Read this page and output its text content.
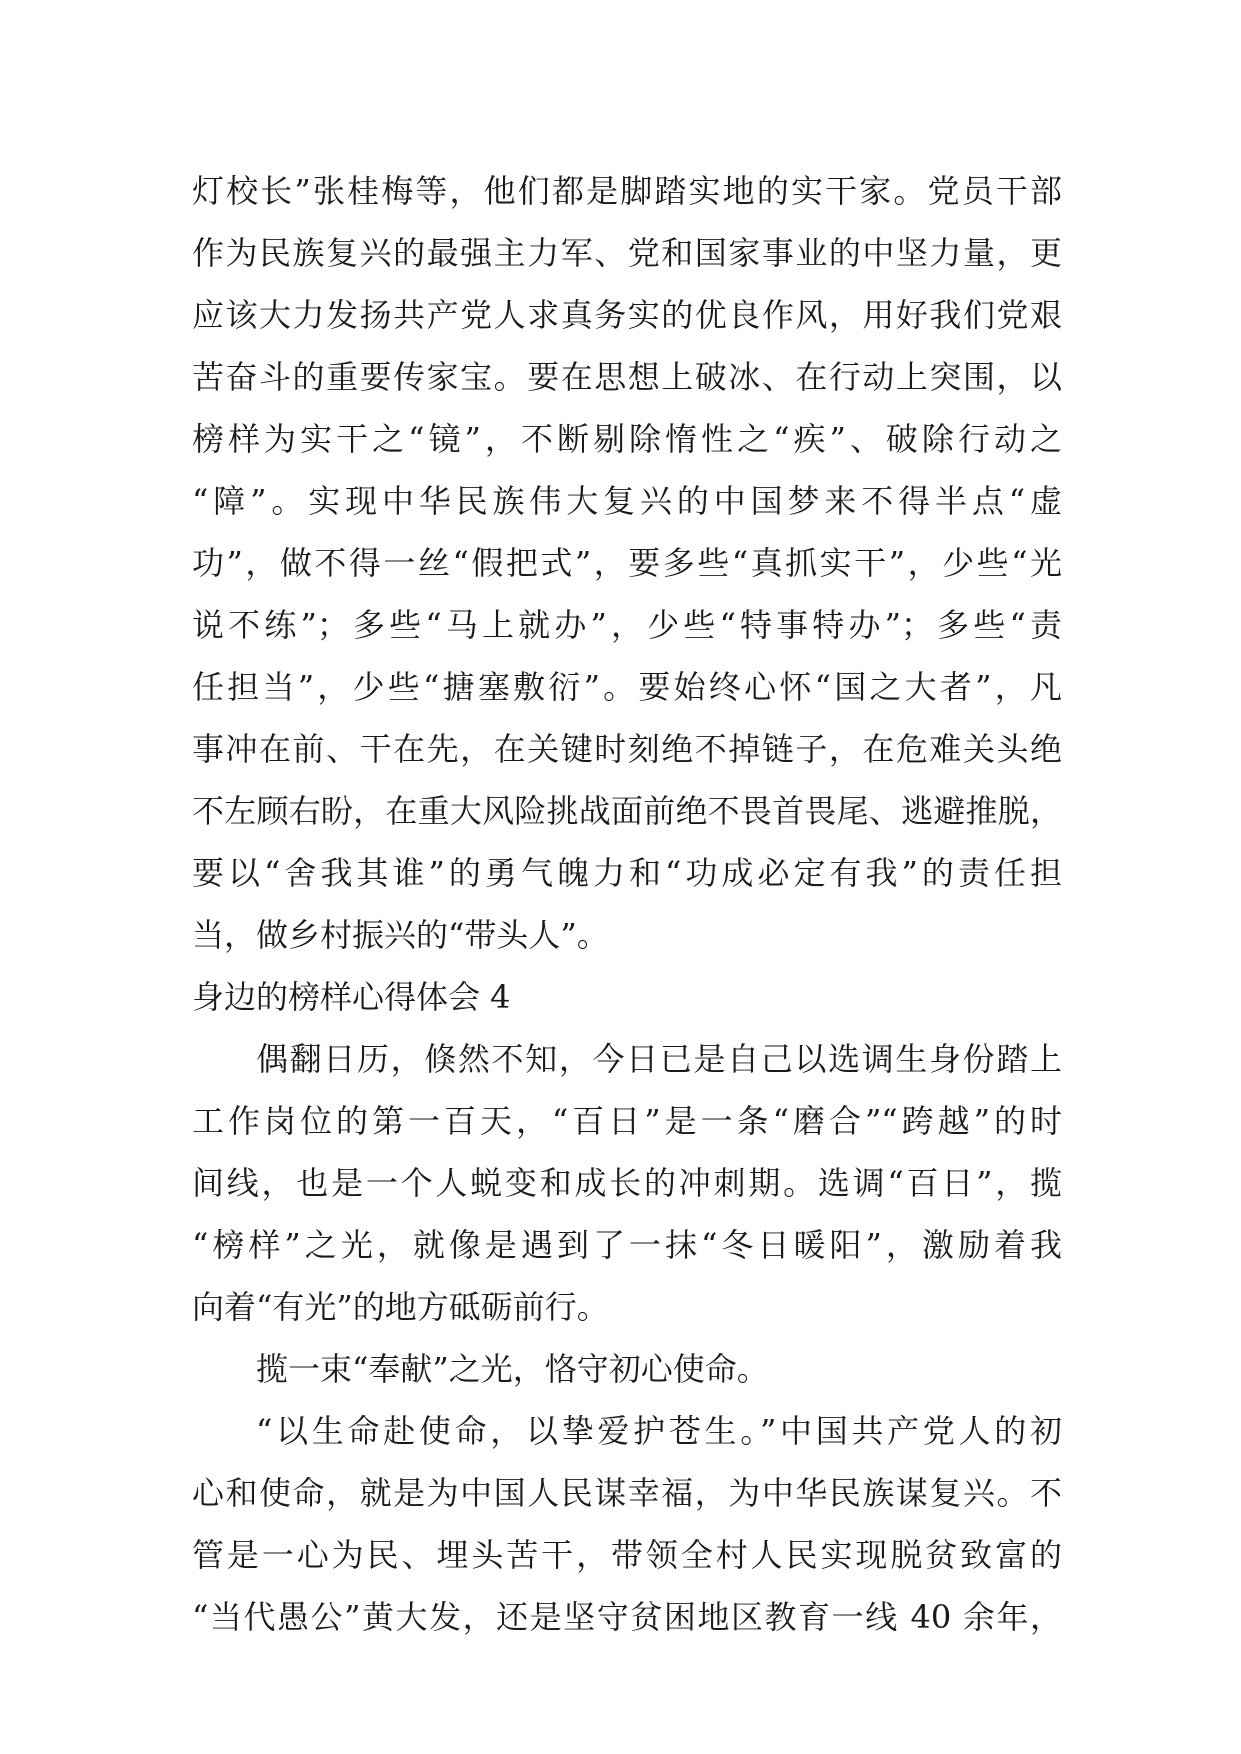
灯校长”张桂梅等，他们都是脚踏实地的实干家。党员干部
作为民族复兴的最强主力军、党和国家事业的中坚力量，更
应该大力发扬共产党人求真务实的优良作风，用好我们党艰
苦奋斗的重要传家宝。要在思想上破冰、在行动上突围，以
榜样为实干之“镜”，不断剔除惰性之“疾”、破除行动之
“障”。实现中华民族伟大复兴的中国梦来不得半点“虚
功”，做不得一丝“假把式”，要多些“真抓实干”，少些“光
说不练”；多些“马上就办”，少些“特事特办”；多些“责
任担当”，少些“搪塞敷衍”。要始终心怀“国之大者”，凡
事冲在前、干在先，在关键时刻绝不掉链子，在危难关头绝
不左顾右盼，在重大风险挑战面前绝不畏首畏尾、逃避推脱，
要以“舍我其谁”的勇气魄力和“功成必定有我”的责任担
当，做乡村振兴的“带头人”。
身边的榜样心得体会 4
偶翻日历，倏然不知，今日已是自己以选调生身份踏上
工作岗位的第一百天，“百日”是一条“磨合”“跨越”的时
间线，也是一个人蜕变和成长的冲刺期。选调“百日”，揽
“榜样”之光，就像是遇到了一抹“冬日暖阳”，激励着我
向着“有光”的地方砥砺前行。
揽一束“奉献”之光，恪守初心使命。
“以生命赴使命，以挚爱护苍生。”中国共产党人的初
心和使命，就是为中国人民谋幸福，为中华民族谋复兴。不
管是一心为民、埋头苦干，带领全村人民实现脱贫致富的
“当代愚公”黄大发，还是坚守贫困地区教育一线 40 余年，
